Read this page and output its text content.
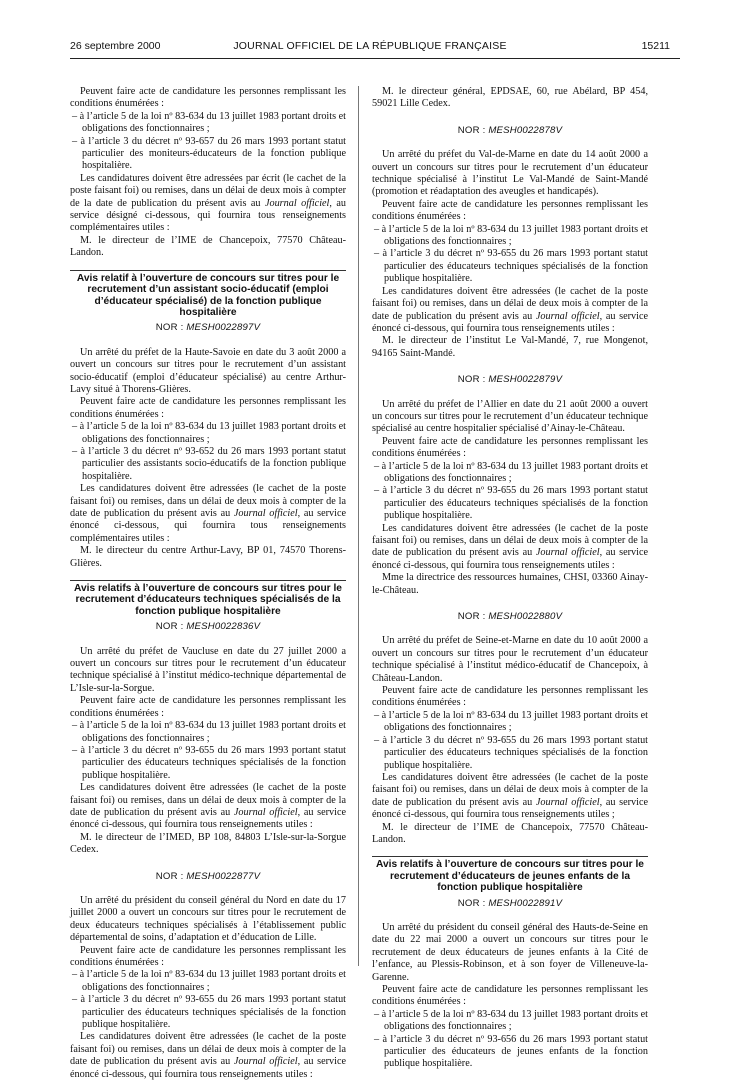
26 septembre 2000	JOURNAL OFFICIEL DE LA RÉPUBLIQUE FRANÇAISE	15211

Peuvent faire acte de candidature les personnes remplissant les conditions énumérées :

– à l’article 5 de la loi nº 83-634 du 13 juillet 1983 portant droits et obligations des fonctionnaires ;

– à l’article 3 du décret nº 93-657 du 26 mars 1993 portant statut particulier des moniteurs-éducateurs de la fonction publique hospitalière.

Les candidatures doivent être adressées par écrit (le cachet de la poste faisant foi) ou remises, dans un délai de deux mois à compter de la date de publication du présent avis au Journal officiel, au service désigné ci-dessous, qui fournira tous renseignements complémentaires utiles :

M. le directeur de l’IME de Chancepoix, 77570 Château-Landon.

Avis relatif à l’ouverture de concours sur titres pour le recrutement d’un assistant socio-éducatif (emploi d’éducateur spécialisé) de la fonction publique hospitalière

NOR : MESH0022897V

Un arrêté du préfet de la Haute-Savoie en date du 3 août 2000 a ouvert un concours sur titres pour le recrutement d’un assistant socio-éducatif (emploi d’éducateur spécialisé) au centre Arthur-Lavy situé à Thorens-Glières.

Peuvent faire acte de candidature les personnes remplissant les conditions énumérées :

– à l’article 5 de la loi nº 83-634 du 13 juillet 1983 portant droits et obligations des fonctionnaires ;

– à l’article 3 du décret nº 93-652 du 26 mars 1993 portant statut particulier des assistants socio-éducatifs de la fonction publique hospitalière.

Les candidatures doivent être adressées (le cachet de la poste faisant foi) ou remises, dans un délai de deux mois à compter de la date de publication du présent avis au Journal officiel, au service énoncé ci-dessous, qui fournira tous renseignements complémentaires utiles :

M. le directeur du centre Arthur-Lavy, BP 01, 74570 Thorens-Glières.

Avis relatifs à l’ouverture de concours sur titres pour le recrutement d’éducateurs techniques spécialisés de la fonction publique hospitalière

NOR : MESH0022836V

Un arrêté du préfet de Vaucluse en date du 27 juillet 2000 a ouvert un concours sur titres pour le recrutement d’un éducateur technique spécialisé à l’institut médico-technique départemental de L’Isle-sur-la-Sorgue.

Peuvent faire acte de candidature les personnes remplissant les conditions énumérées :

– à l’article 5 de la loi nº 83-634 du 13 juillet 1983 portant droits et obligations des fonctionnaires ;

– à l’article 3 du décret nº 93-655 du 26 mars 1993 portant statut particulier des éducateurs techniques spécialisés de la fonction publique hospitalière.

Les candidatures doivent être adressées (le cachet de la poste faisant foi) ou remises, dans un délai de deux mois à compter de la date de publication du présent avis au Journal officiel, au service énoncé ci-dessous, qui fournira tous renseignements utiles :

M. le directeur de l’IMED, BP 108, 84803 L’Isle-sur-la-Sorgue Cedex.

NOR : MESH0022877V

Un arrêté du président du conseil général du Nord en date du 17 juillet 2000 a ouvert un concours sur titres pour le recrutement de deux éducateurs techniques spécialisés à l’établissement public départemental de soins, d’adaptation et d’éducation de Lille.

Peuvent faire acte de candidature les personnes remplissant les conditions énumérées :

– à l’article 5 de la loi nº 83-634 du 13 juillet 1983 portant droits et obligations des fonctionnaires ;

– à l’article 3 du décret nº 93-655 du 26 mars 1993 portant statut particulier des éducateurs techniques spécialisés de la fonction publique hospitalière.

Les candidatures doivent être adressées (le cachet de la poste faisant foi) ou remises, dans un délai de deux mois à compter de la date de publication du présent avis au Journal officiel, au service énoncé ci-dessous, qui fournira tous renseignements utiles :

M. le directeur général, EPDSAE, 60, rue Abélard, BP 454, 59021 Lille Cedex.

NOR : MESH0022878V

Un arrêté du préfet du Val-de-Marne en date du 14 août 2000 a ouvert un concours sur titres pour le recrutement d’un éducateur technique spécialisé à l’institut Le Val-Mandé de Saint-Mandé (promotion et réadaptation des aveugles et handicapés).

Peuvent faire acte de candidature les personnes remplissant les conditions énumérées :

– à l’article 5 de la loi nº 83-634 du 13 juillet 1983 portant droits et obligations des fonctionnaires ;

– à l’article 3 du décret nº 93-655 du 26 mars 1993 portant statut particulier des éducateurs techniques spécialisés de la fonction publique hospitalière.

Les candidatures doivent être adressées (le cachet de la poste faisant foi) ou remises, dans un délai de deux mois à compter de la date de publication du présent avis au Journal officiel, au service énoncé ci-dessous, qui fournira tous renseignements utiles :

M. le directeur de l’institut Le Val-Mandé, 7, rue Mongenot, 94165 Saint-Mandé.

NOR : MESH0022879V

Un arrêté du préfet de l’Allier en date du 21 août 2000 a ouvert un concours sur titres pour le recrutement d’un éducateur technique spécialisé au centre hospitalier spécialisé d’Ainay-le-Château.

Peuvent faire acte de candidature les personnes remplissant les conditions énumérées :

– à l’article 5 de la loi nº 83-634 du 13 juillet 1983 portant droits et obligations des fonctionnaires ;

– à l’article 3 du décret nº 93-655 du 26 mars 1993 portant statut particulier des éducateurs techniques spécialisés de la fonction publique hospitalière.

Les candidatures doivent être adressées (le cachet de la poste faisant foi) ou remises, dans un délai de deux mois à compter de la date de publication du présent avis au Journal officiel, au service énoncé ci-dessous, qui fournira tous renseignements utiles :

Mme la directrice des ressources humaines, CHSI, 03360 Ainay-le-Château.

NOR : MESH0022880V

Un arrêté du préfet de Seine-et-Marne en date du 10 août 2000 a ouvert un concours sur titres pour le recrutement d’un éducateur technique spécialisé à l’institut médico-éducatif de Chancepoix, à Château-Landon.

Peuvent faire acte de candidature les personnes remplissant les conditions énumérées :

– à l’article 5 de la loi nº 83-634 du 13 juillet 1983 portant droits et obligations des fonctionnaires ;

– à l’article 3 du décret nº 93-655 du 26 mars 1993 portant statut particulier des éducateurs techniques spécialisés de la fonction publique hospitalière.

Les candidatures doivent être adressées (le cachet de la poste faisant foi) ou remises, dans un délai de deux mois à compter de la date de publication du présent avis au Journal officiel, au service énoncé ci-dessous, qui fournira tous renseignements utiles ;

M. le directeur de l’IME de Chancepoix, 77570 Château-Landon.

Avis relatifs à l’ouverture de concours sur titres pour le recrutement d’éducateurs de jeunes enfants de la fonction publique hospitalière

NOR : MESH0022891V

Un arrêté du président du conseil général des Hauts-de-Seine en date du 22 mai 2000 a ouvert un concours sur titres pour le recrutement de deux éducateurs de jeunes enfants à la Cité de l’enfance, au Plessis-Robinson, et à son foyer de Villeneuve-la-Garenne.

Peuvent faire acte de candidature les personnes remplissant les conditions énumérées :

– à l’article 5 de la loi nº 83-634 du 13 juillet 1983 portant droits et obligations des fonctionnaires ;

– à l’article 3 du décret nº 93-656 du 26 mars 1993 portant statut particulier des éducateurs de jeunes enfants de la fonction publique hospitalière.
